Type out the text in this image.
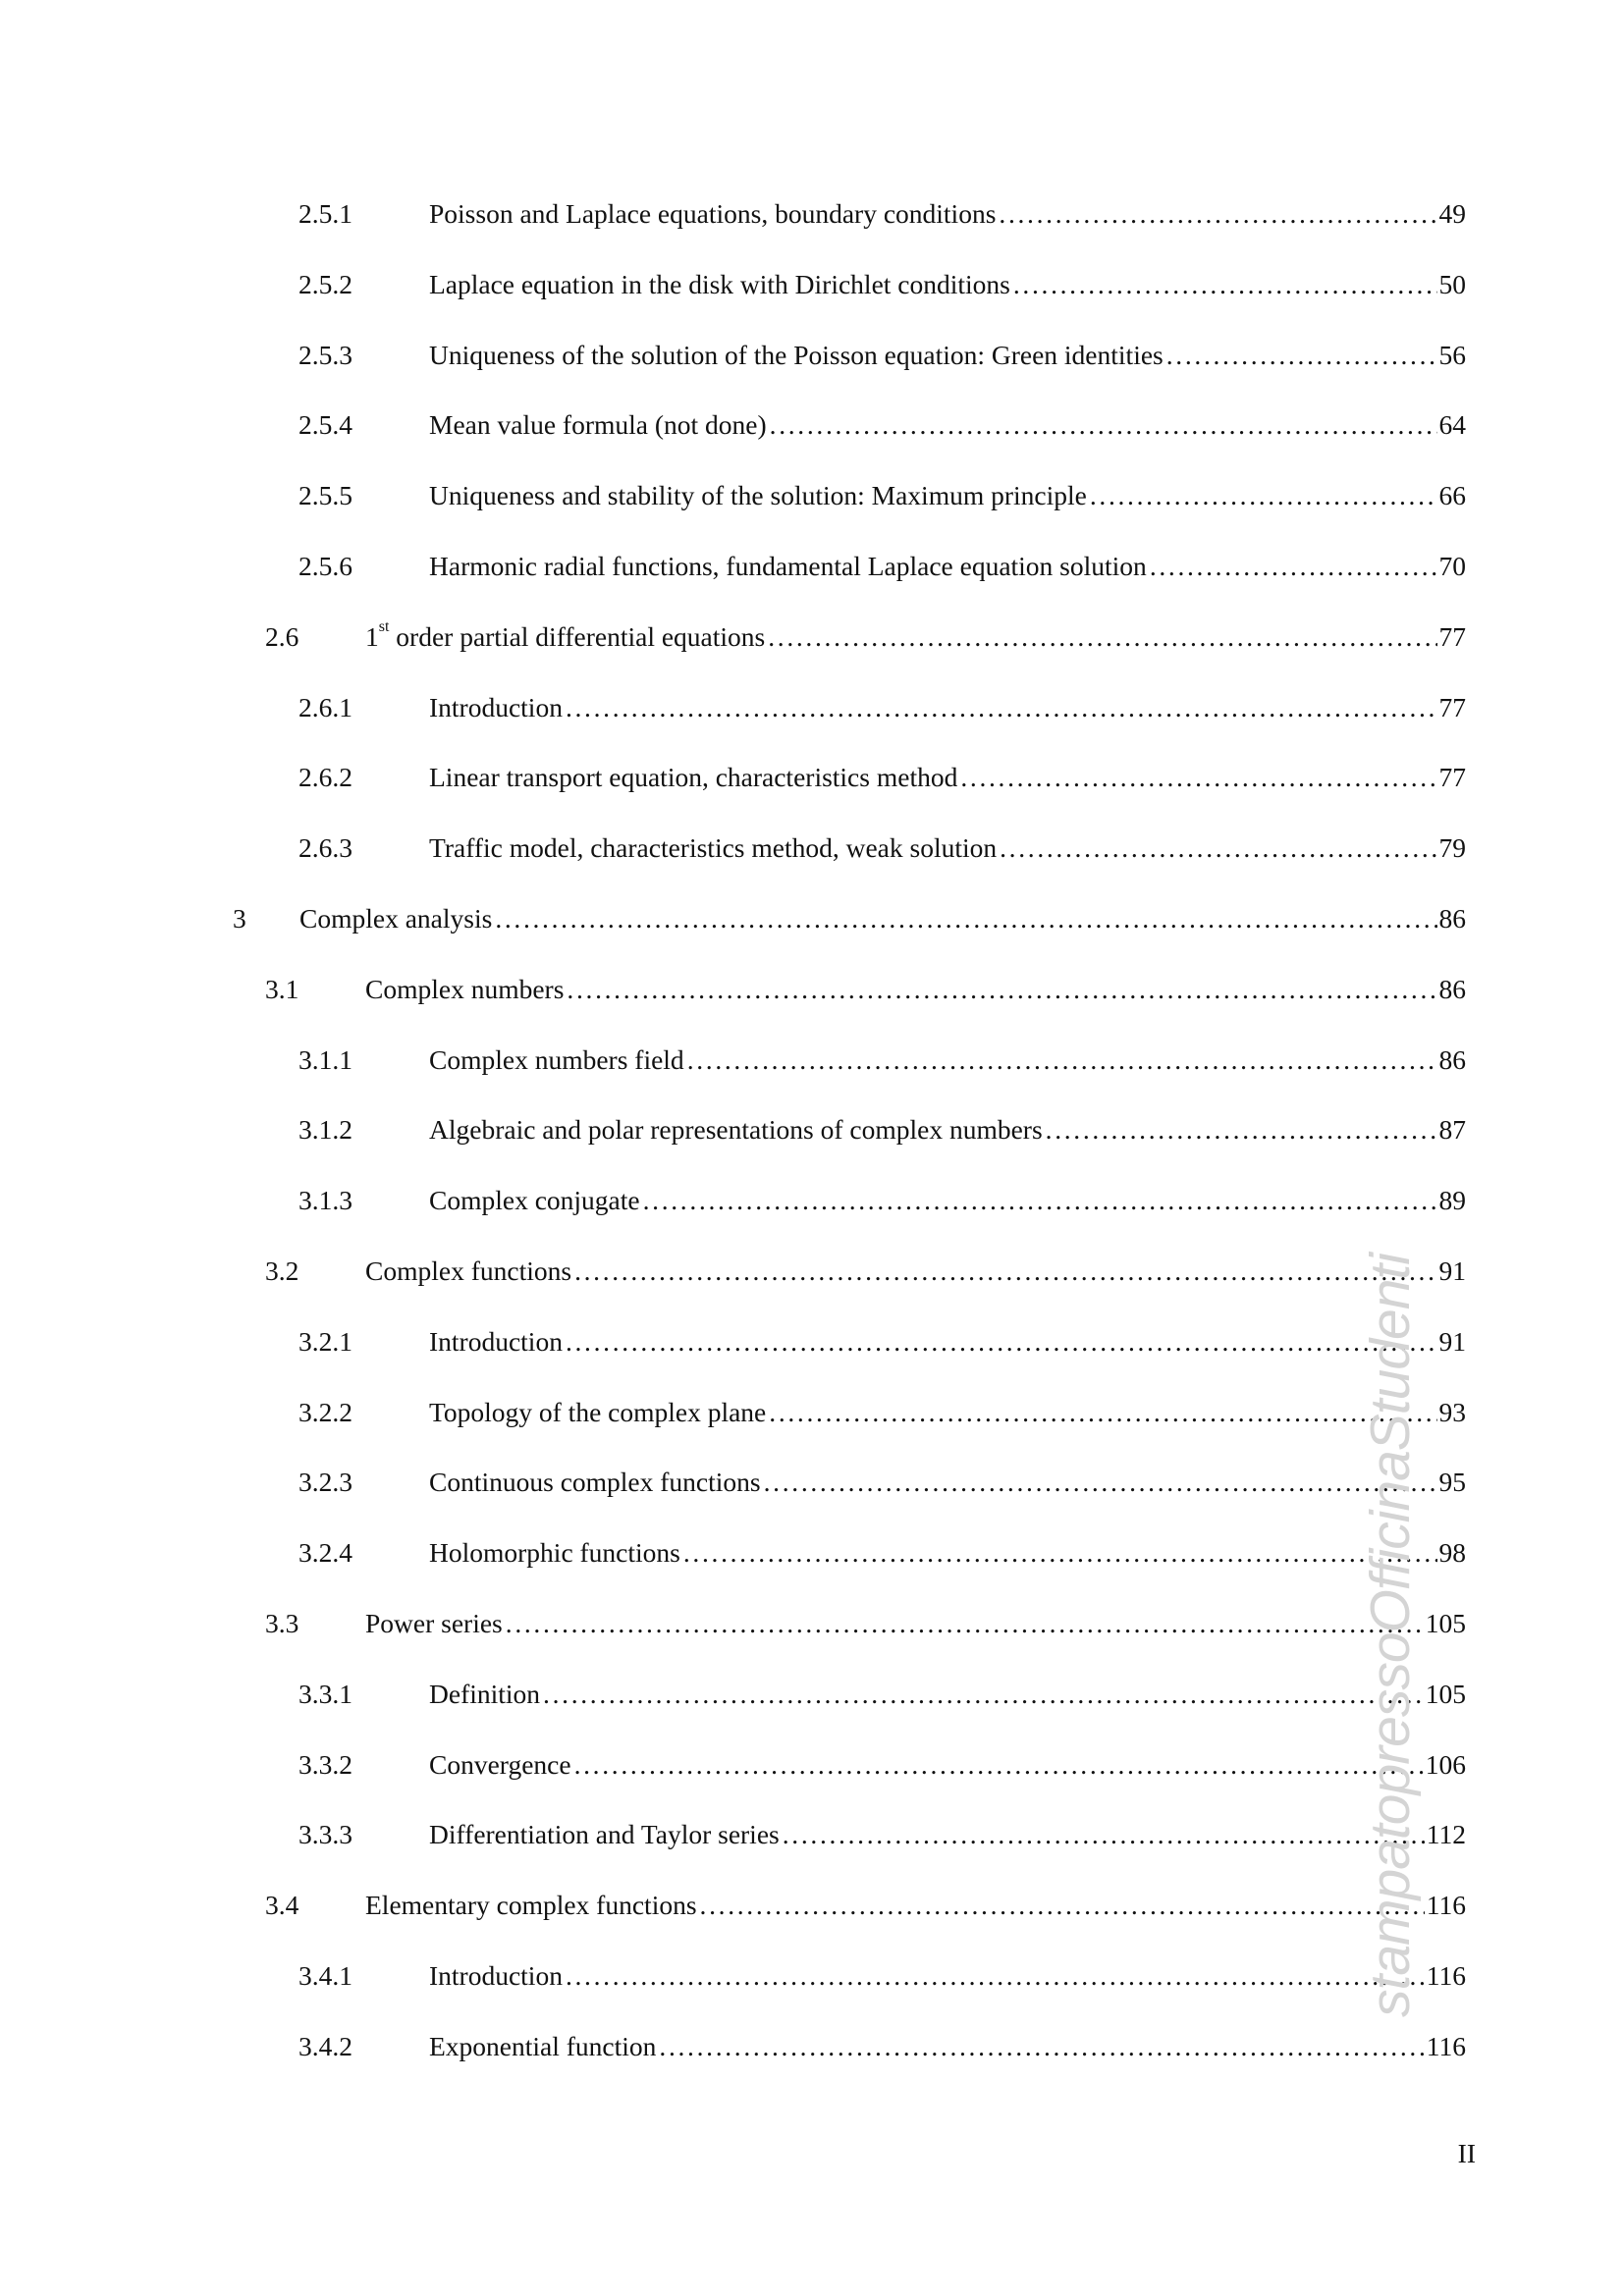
2.5.1	Poisson and Laplace equations, boundary conditions . . .	49
2.5.2	Laplace equation in the disk with Dirichlet conditions . . .	50
2.5.3	Uniqueness of the solution of the Poisson equation: Green identities . . .	56
2.5.4	Mean value formula (not done) . . .	64
2.5.5	Uniqueness and stability of the solution: Maximum principle . . .	66
2.5.6	Harmonic radial functions, fundamental Laplace equation solution . . .	70
2.6 1st order partial differential equations . . .	77
2.6.1	Introduction . . .	77
2.6.2	Linear transport equation, characteristics method . . .	77
2.6.3	Traffic model, characteristics method, weak solution . . .	79
3 Complex analysis . . .	86
3.1 Complex numbers . . .	86
3.1.1	Complex numbers field . . .	86
3.1.2	Algebraic and polar representations of complex numbers . . .	87
3.1.3	Complex conjugate . . .	89
3.2 Complex functions . . .	91
3.2.1	Introduction . . .	91
3.2.2	Topology of the complex plane . . .	93
3.2.3	Continuous complex functions . . .	95
3.2.4	Holomorphic functions . . .	98
3.3 Power series . . .	105
3.3.1	Definition . . .	105
3.3.2	Convergence . . .	106
3.3.3	Differentiation and Taylor series . . .	112
3.4 Elementary complex functions . . .	116
3.4.1	Introduction . . .	116
3.4.2	Exponential function . . .	116
II
stampatopressoOfficinaStudenti
